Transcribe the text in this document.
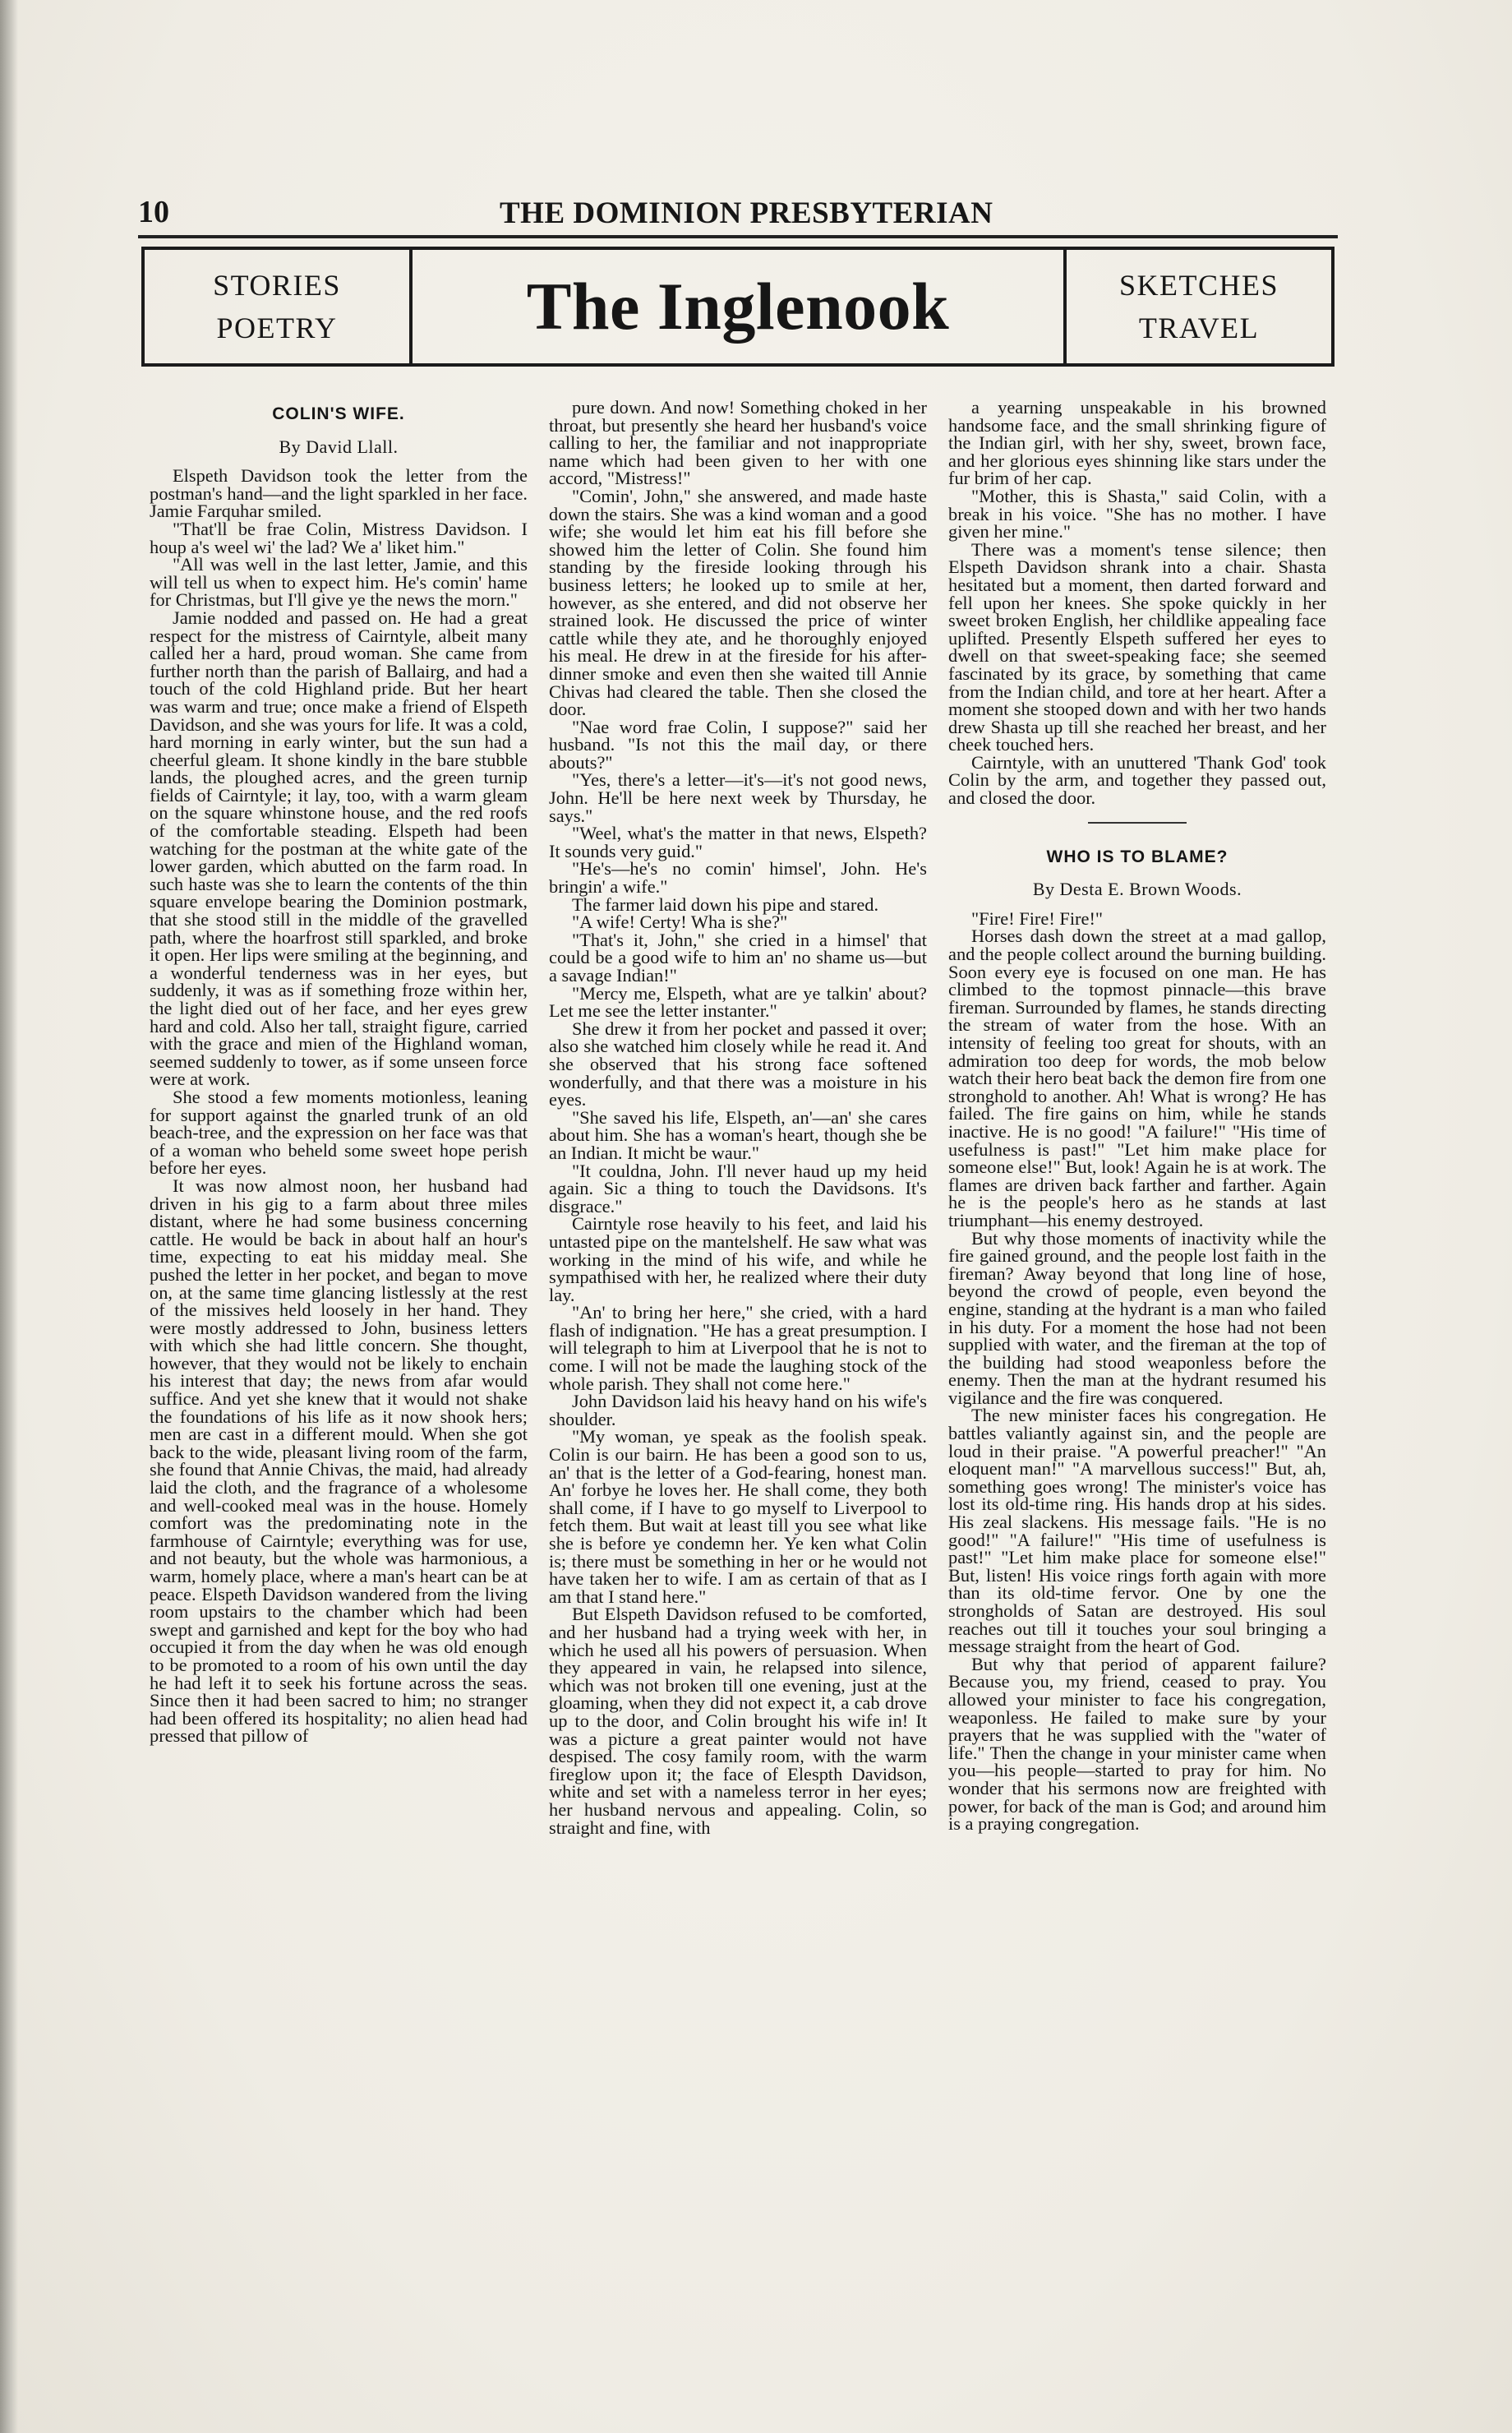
10	THE DOMINION PRESBYTERIAN
STORIES
POETRY	The Inglenook	SKETCHES
TRAVEL
COLIN'S WIFE.
By David Llall.

Elspeth Davidson took the letter from the postman's hand—and the light sparkled in her face. Jamie Farquhar smiled.

"That'll be frae Colin, Mistress Davidson. I houp a's weel wi' the lad? We a' liket him."

"All was well in the last letter, Jamie, and this will tell us when to expect him. He's comin' hame for Christmas, but I'll give ye the news the morn."

Jamie nodded and passed on. He had a great respect for the mistress of Cairntyle, albeit many called her a hard, proud woman. She came from further north than the parish of Ballairg, and had a touch of the cold Highland pride. But her heart was warm and true; once make a friend of Elspeth Davidson, and she was yours for life. It was a cold, hard morning in early winter, but the sun had a cheerful gleam. It shone kindly in the bare stubble lands, the ploughed acres, and the green turnip fields of Cairntyle; it lay, too, with a warm gleam on the square whinstone house, and the red roofs of the comfortable steading. Elspeth had been watching for the postman at the white gate of the lower garden, which abutted on the farm road. In such haste was she to learn the contents of the thin square envelope bearing the Dominion postmark, that she stood still in the middle of the gravelled path, where the hoarfrost still sparkled, and broke it open. Her lips were smiling at the beginning, and a wonderful tenderness was in her eyes, but suddenly, it was as if something froze within her, the light died out of her face, and her eyes grew hard and cold. Also her tall, straight figure, carried with the grace and mien of the Highland woman, seemed suddenly to tower, as if some unseen force were at work.

She stood a few moments motionless, leaning for support against the gnarled trunk of an old beach-tree, and the expression on her face was that of a woman who beheld some sweet hope perish before her eyes.

It was now almost noon, her husband had driven in his gig to a farm about three miles distant, where he had some business concerning cattle. He would be back in about half an hour's time, expecting to eat his midday meal. She pushed the letter in her pocket, and began to move on, at the same time glancing listlessly at the rest of the missives held loosely in her hand. They were mostly addressed to John, business letters with which she had little concern. She thought, however, that they would not be likely to enchain his interest that day; the news from afar would suffice. And yet she knew that it would not shake the foundations of his life as it now shook hers; men are cast in a different mould. When she got back to the wide, pleasant living room of the farm, she found that Annie Chivas, the maid, had already laid the cloth, and the fragrance of a wholesome and well-cooked meal was in the house. Homely comfort was the predominating note in the farmhouse of Cairntyle; everything was for use, and not beauty, but the whole was harmonious, a warm, homely place, where a man's heart can be at peace. Elspeth Davidson wandered from the living room upstairs to the chamber which had been swept and garnished and kept for the boy who had occupied it from the day when he was old enough to be promoted to a room of his own until the day he had left it to seek his fortune across the seas. Since then it had been sacred to him; no stranger had been offered its hospitality; no alien head had pressed that pillow of

pure down. And now! Something choked in her throat, but presently she heard her husband's voice calling to her, the familiar and not inappropriate name which had been given to her with one accord, "Mistress!"

"Comin', John," she answered, and made haste down the stairs. She was a kind woman and a good wife; she would let him eat his fill before she showed him the letter of Colin. She found him standing by the fireside looking through his business letters; he looked up to smile at her, however, as she entered, and did not observe her strained look. He discussed the price of winter cattle while they ate, and he thoroughly enjoyed his meal. He drew in at the fireside for his after-dinner smoke and even then she waited till Annie Chivas had cleared the table. Then she closed the door.

"Nae word frae Colin, I suppose?" said her husband. "Is not this the mail day, or there abouts?"

"Yes, there's a letter—it's—it's not good news, John. He'll be here next week by Thursday, he says."

"Weel, what's the matter in that news, Elspeth? It sounds very guid."

"He's—he's no comin' himsel', John. He's bringin' a wife."

The farmer laid down his pipe and stared.

"A wife! Certy! Wha is she?"

"That's it, John," she cried in a himsel' that could be a good wife to him an' no shame us—but a savage Indian!"

"Mercy me, Elspeth, what are ye talkin' about? Let me see the letter instanter."

She drew it from her pocket and passed it over; also she watched him closely while he read it. And she observed that his strong face softened wonderfully, and that there was a moisture in his eyes.

"She saved his life, Elspeth, an'—an' she cares about him. She has a woman's heart, though she be an Indian. It micht be waur."

"It couldna, John. I'll never haud up my heid again. Sic a thing to touch the Davidsons. It's disgrace."

Cairntyle rose heavily to his feet, and laid his untasted pipe on the mantelshelf. He saw what was working in the mind of his wife, and while he sympathised with her, he realized where their duty lay.

"An' to bring her here," she cried, with a hard flash of indignation. "He has a great presumption. I will telegraph to him at Liverpool that he is not to come. I will not be made the laughing stock of the whole parish. They shall not come here."

John Davidson laid his heavy hand on his wife's shoulder.

"My woman, ye speak as the foolish speak. Colin is our bairn. He has been a good son to us, an' that is the letter of a God-fearing, honest man. An' forbye he loves her. He shall come, they both shall come, if I have to go myself to Liverpool to fetch them. But wait at least till you see what like she is before ye condemn her. Ye ken what Colin is; there must be something in her or he would not have taken her to wife. I am as certain of that as I am that I stand here."

But Elspeth Davidson refused to be comforted, and her husband had a trying week with her, in which he used all his powers of persuasion. When they appeared in vain, he relapsed into silence, which was not broken till one evening, just at the gloaming, when they did not expect it, a cab drove up to the door, and Colin brought his wife in! It was a picture a great painter would not have despised. The cosy family room, with the warm fireglow upon it; the face of Elespth Davidson, white and set with a nameless terror in her eyes; her husband nervous and appealing. Colin, so straight and fine, with

a yearning unspeakable in his browned handsome face, and the small shrinking figure of the Indian girl, with her shy, sweet, brown face, and her glorious eyes shinning like stars under the fur brim of her cap.

"Mother, this is Shasta," said Colin, with a break in his voice. "She has no mother. I have given her mine."

There was a moment's tense silence; then Elspeth Davidson shrank into a chair. Shasta hesitated but a moment, then darted forward and fell upon her knees. She spoke quickly in her sweet broken English, her childlike appealing face uplifted. Presently Elspeth suffered her eyes to dwell on that sweet-speaking face; she seemed fascinated by its grace, by something that came from the Indian child, and tore at her heart. After a moment she stooped down and with her two hands drew Shasta up till she reached her breast, and her cheek touched hers.

Cairntyle, with an unuttered 'Thank God' took Colin by the arm, and together they passed out, and closed the door.

WHO IS TO BLAME?
By Desta E. Brown Woods.

"Fire! Fire! Fire!"

Horses dash down the street at a mad gallop, and the people collect around the burning building. Soon every eye is focused on one man. He has climbed to the topmost pinnacle—this brave fireman. Surrounded by flames, he stands directing the stream of water from the hose. With an intensity of feeling too great for shouts, with an admiration too deep for words, the mob below watch their hero beat back the demon fire from one stronghold to another. Ah! What is wrong? He has failed. The fire gains on him, while he stands inactive. He is no good! "A failure!" "His time of usefulness is past!" "Let him make place for someone else!" But, look! Again he is at work. The flames are driven back farther and farther. Again he is the people's hero as he stands at last triumphant—his enemy destroyed.

But why those moments of inactivity while the fire gained ground, and the people lost faith in the fireman? Away beyond that long line of hose, beyond the crowd of people, even beyond the engine, standing at the hydrant is a man who failed in his duty. For a moment the hose had not been supplied with water, and the fireman at the top of the building had stood weaponless before the enemy. Then the man at the hydrant resumed his vigilance and the fire was conquered.

The new minister faces his congregation. He battles valiantly against sin, and the people are loud in their praise. "A powerful preacher!" "An eloquent man!" "A marvellous success!" But, ah, something goes wrong! The minister's voice has lost its old-time ring. His hands drop at his sides. His zeal slackens. His message fails. "He is no good!" "A failure!" "His time of usefulness is past!" "Let him make place for someone else!" But, listen! His voice rings forth again with more than its old-time fervor. One by one the strongholds of Satan are destroyed. His soul reaches out till it touches your soul bringing a message straight from the heart of God.

But why that period of apparent failure? Because you, my friend, ceased to pray. You allowed your minister to face his congregation, weaponless. He failed to make sure by your prayers that he was supplied with the "water of life." Then the change in your minister came when you—his people—started to pray for him. No wonder that his sermons now are freighted with power, for back of the man is God; and around him is a praying congregation.
